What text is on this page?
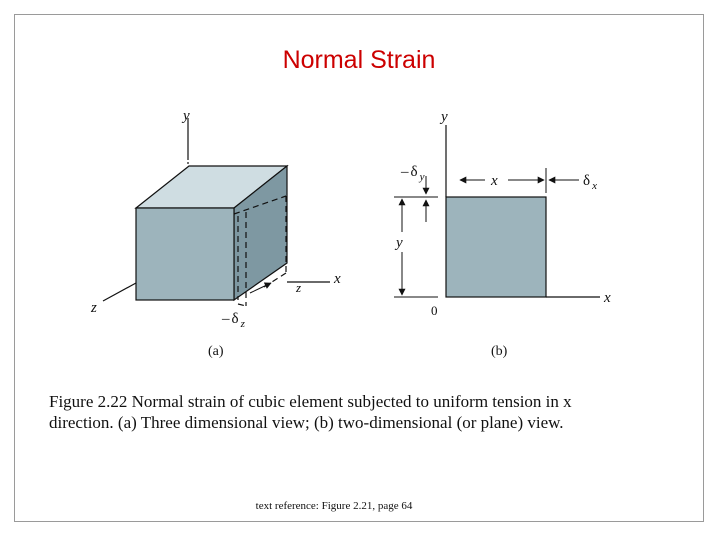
Normal Strain
y
z
x
z
– δ $_z$
(a)
y
x
0
x	δ $_x$
– δ $_y$
y
(b)
Figure 2.22 Normal strain of cubic element subjected to uniform tension in x
direction. (a) Three dimensional view; (b) two-dimensional (or plane) view.
text reference: Figure 2.21, page 64
